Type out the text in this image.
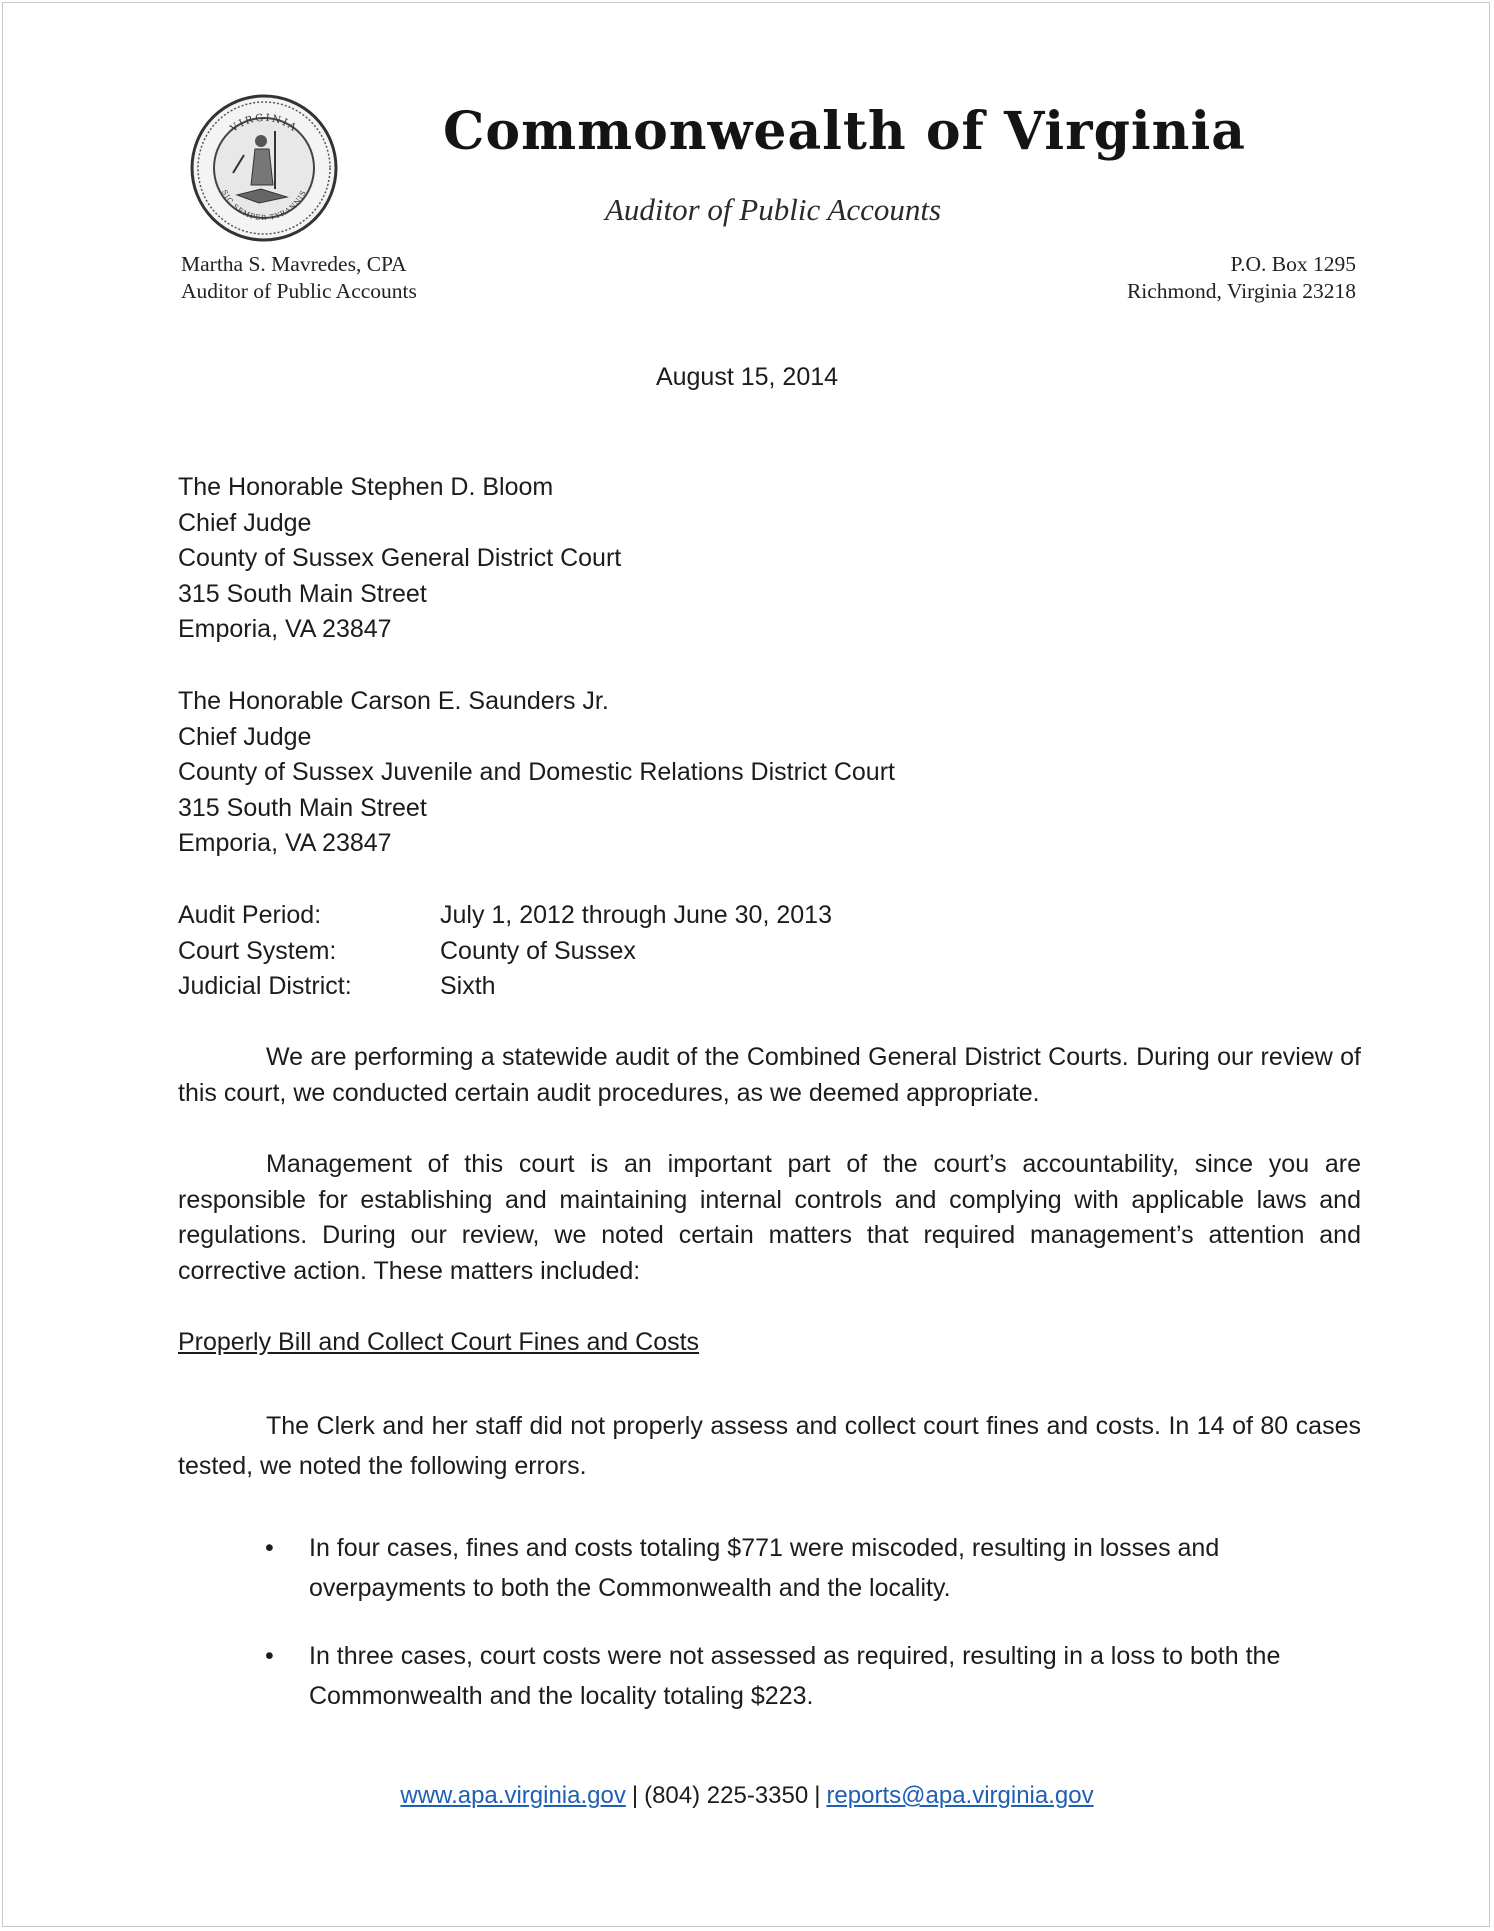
VIRGINIA
SIC SEMPER TYRANNIS
Commonwealth of Virginia
Auditor of Public Accounts
Martha S. Mavredes, CPA
Auditor of Public Accounts
P.O. Box 1295
Richmond, Virginia 23218
August 15, 2014
The Honorable Stephen D. Bloom
Chief Judge
County of Sussex General District Court
315 South Main Street
Emporia, VA 23847
The Honorable Carson E. Saunders Jr.
Chief Judge
County of Sussex Juvenile and Domestic Relations District Court
315 South Main Street
Emporia, VA 23847
Audit Period:	July 1, 2012 through June 30, 2013
Court System:	County of Sussex
Judicial District:	Sixth
We are performing a statewide audit of the Combined General District Courts. During our review of this court, we conducted certain audit procedures, as we deemed appropriate.
Management of this court is an important part of the court’s accountability, since you are responsible for establishing and maintaining internal controls and complying with applicable laws and regulations. During our review, we noted certain matters that required management’s attention and corrective action. These matters included:
Properly Bill and Collect Court Fines and Costs
The Clerk and her staff did not properly assess and collect court fines and costs. In 14 of 80 cases tested, we noted the following errors.
• In four cases, fines and costs totaling $771 were miscoded, resulting in losses and overpayments to both the Commonwealth and the locality.
• In three cases, court costs were not assessed as required, resulting in a loss to both the Commonwealth and the locality totaling $223.
www.apa.virginia.gov | (804) 225-3350 | reports@apa.virginia.gov
